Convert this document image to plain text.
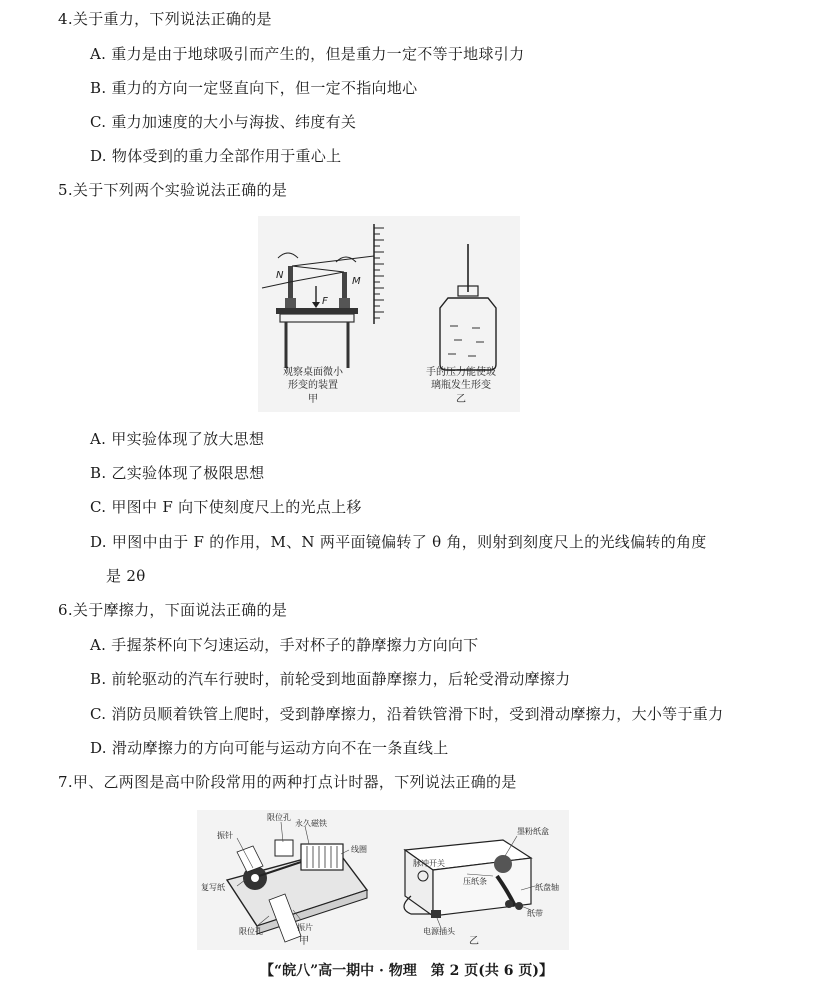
4.关于重力，下列说法正确的是
A. 重力是由于地球吸引而产生的，但是重力一定不等于地球引力
B. 重力的方向一定竖直向下，但一定不指向地心
C. 重力加速度的大小与海拔、纬度有关
D. 物体受到的重力全部作用于重心上
5.关于下列两个实验说法正确的是
N
M
F
观察桌面微小
形变的装置
甲
手的压力能使玻
璃瓶发生形变
乙
A. 甲实验体现了放大思想
B. 乙实验体现了极限思想
C. 甲图中 F 向下使刻度尺上的光点上移
D. 甲图中由于 F 的作用，M、N 两平面镜偏转了 θ 角，则射到刻度尺上的光线偏转的角度
是 2θ
6.关于摩擦力，下面说法正确的是
A. 手握茶杯向下匀速运动，手对杯子的静摩擦力方向向下
B. 前轮驱动的汽车行驶时，前轮受到地面静摩擦力，后轮受滑动摩擦力
C. 消防员顺着铁管上爬时，受到静摩擦力，沿着铁管滑下时，受到滑动摩擦力，大小等于重力
D. 滑动摩擦力的方向可能与运动方向不在一条直线上
7.甲、乙两图是高中阶段常用的两种打点计时器，下列说法正确的是
限位孔
永久磁铁
振针
线圈
复写纸
振片
限位孔
甲
墨粉纸盒
脉冲开关
压纸条
纸盘轴
纸带
电源插头
乙
【“皖八”高一期中 · 物理　第 2 页(共 6 页)】
